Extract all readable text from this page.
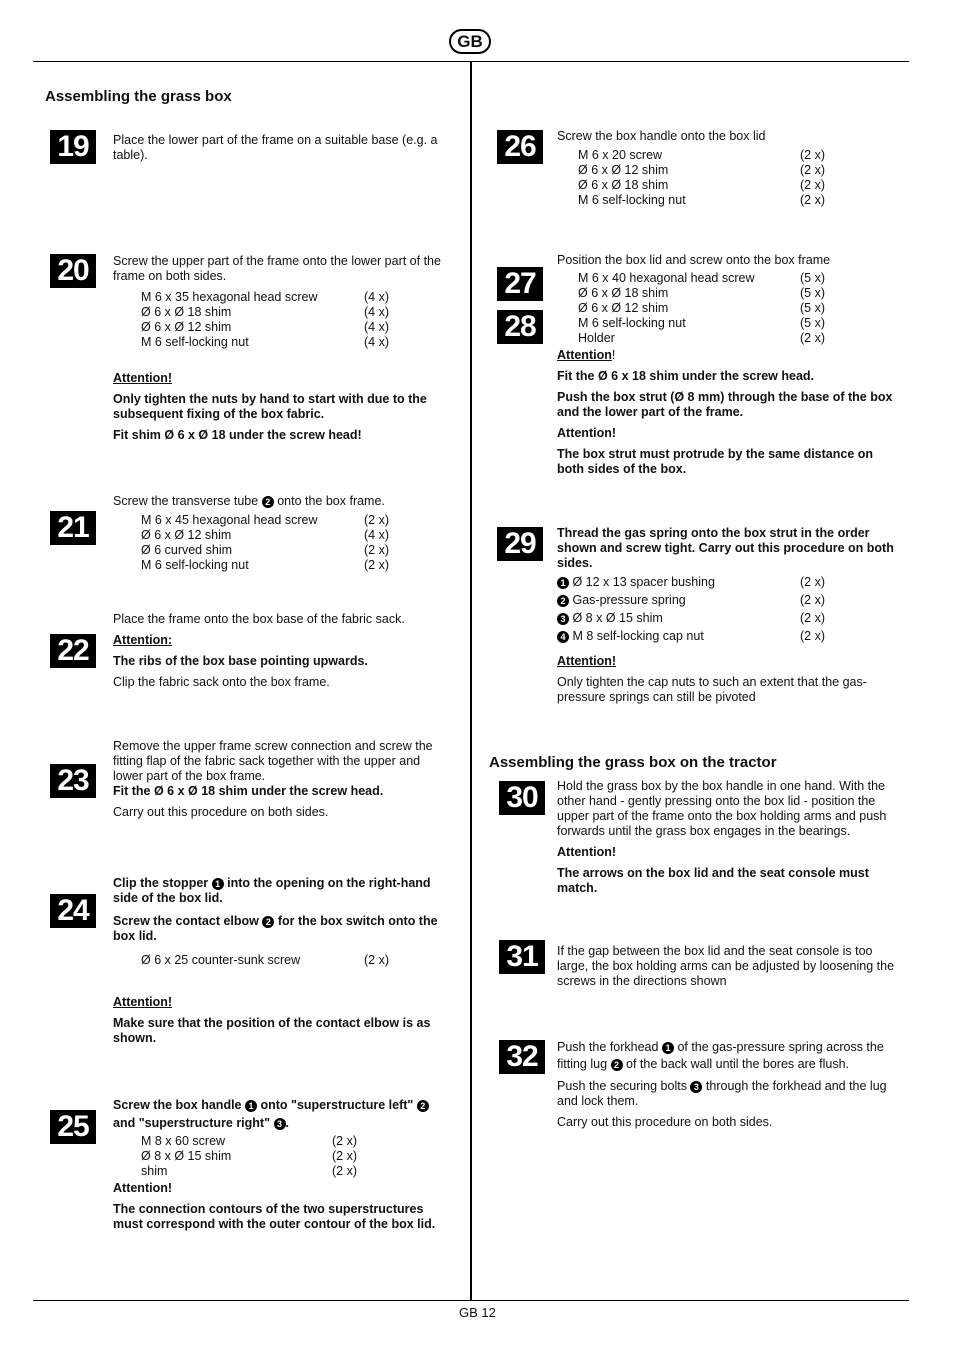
GB
GB 12
Assembling the grass box
19	Place the lower part of the frame on a suitable base (e.g. a table).

20	Screw the upper part of the frame onto the lower part of the frame on both sides.

M 6 x 35 hexagonal head screw	(4 x)
Ø 6 x Ø 18 shim	(4 x)
Ø 6 x Ø 12 shim	(4 x)
M 6 self-locking nut	(4 x)

Attention!

Only tighten the nuts by hand to start with due to the subsequent fixing of the box fabric.

Fit shim Ø 6 x Ø 18 under the screw head!

21

Screw the transverse tube 2 onto the box frame.

M 6 x 45 hexagonal head screw	(2 x)
Ø 6 x Ø 12 shim	(4 x)
Ø 6 curved shim	(2 x)
M 6 self-locking nut	(2 x)
22

Place the frame onto the box base of the fabric sack.

Attention:

The ribs of the box base pointing upwards.

Clip the fabric sack onto the box frame.

23

Remove the upper frame screw connection and screw the fitting flap of the fabric sack together with the upper and lower part of the box frame.

Fit the Ø 6 x Ø 18 shim under the screw head.

Carry out this procedure on both sides.

24

Clip the stopper 1 into the opening on the right-hand side of the box lid.

Screw the contact elbow 2 for the box switch onto the box lid.

Ø 6 x 25 counter-sunk screw	(2 x)

Attention!

Make sure that the position of the contact elbow is as shown.

25

Screw the box handle 1 onto "superstructure left" 2 and "superstructure right" 3 .

M 8 x 60 screw	(2 x)
Ø 8 x Ø 15 shim	(2 x)
shim	(2 x)

Attention!

The connection contours of the two superstructures must correspond with the outer contour of the box lid.

26	Screw the box handle onto the box lid

M 6 x 20 screw	(2 x)
Ø 6 x Ø 12 shim	(2 x)
Ø 6 x Ø 18 shim	(2 x)
M 6 self-locking nut	(2 x)
27
28

Position the box lid and screw onto the box frame

M 6 x 40 hexagonal head screw	(5 x)
Ø 6 x Ø 18 shim	(5 x)
Ø 6 x Ø 12 shim	(5 x)
M 6 self-locking nut	(5 x)
Holder	(2 x)

Attention!

Fit the Ø 6 x 18 shim under the screw head.

Push the box strut (Ø 8 mm) through the base of the box and the lower part of the frame.

Attention!

The box strut must protrude by the same distance on both sides of the box.

29	Thread the gas spring onto the box strut in the order shown and screw tight. Carry out this procedure on both sides.

1 Ø 12 x 13 spacer bushing	(2 x)
2 Gas-pressure spring	(2 x)
3 Ø 8 x Ø 15 shim	(2 x)
4 M 8 self-locking cap nut	(2 x)

Attention!

Only tighten the cap nuts to such an extent that the gas-pressure springs can still be pivoted

Assembling the grass box on the tractor
30	Hold the grass box by the box handle in one hand. With the other hand - gently pressing onto the box lid - position the upper part of the frame onto the box holding arms and push forwards until the grass box engages in the bearings.

Attention!

The arrows on the box lid and the seat console must match.

31	If the gap between the box lid and the seat console is too large, the box holding arms can be adjusted by loosening the screws in the directions shown

32	Push the forkhead 1 of the gas-pressure spring across the fitting lug 2 of the back wall until the bores are flush.

Push the securing bolts 3 through the forkhead and the lug and lock them.

Carry out this procedure on both sides.
